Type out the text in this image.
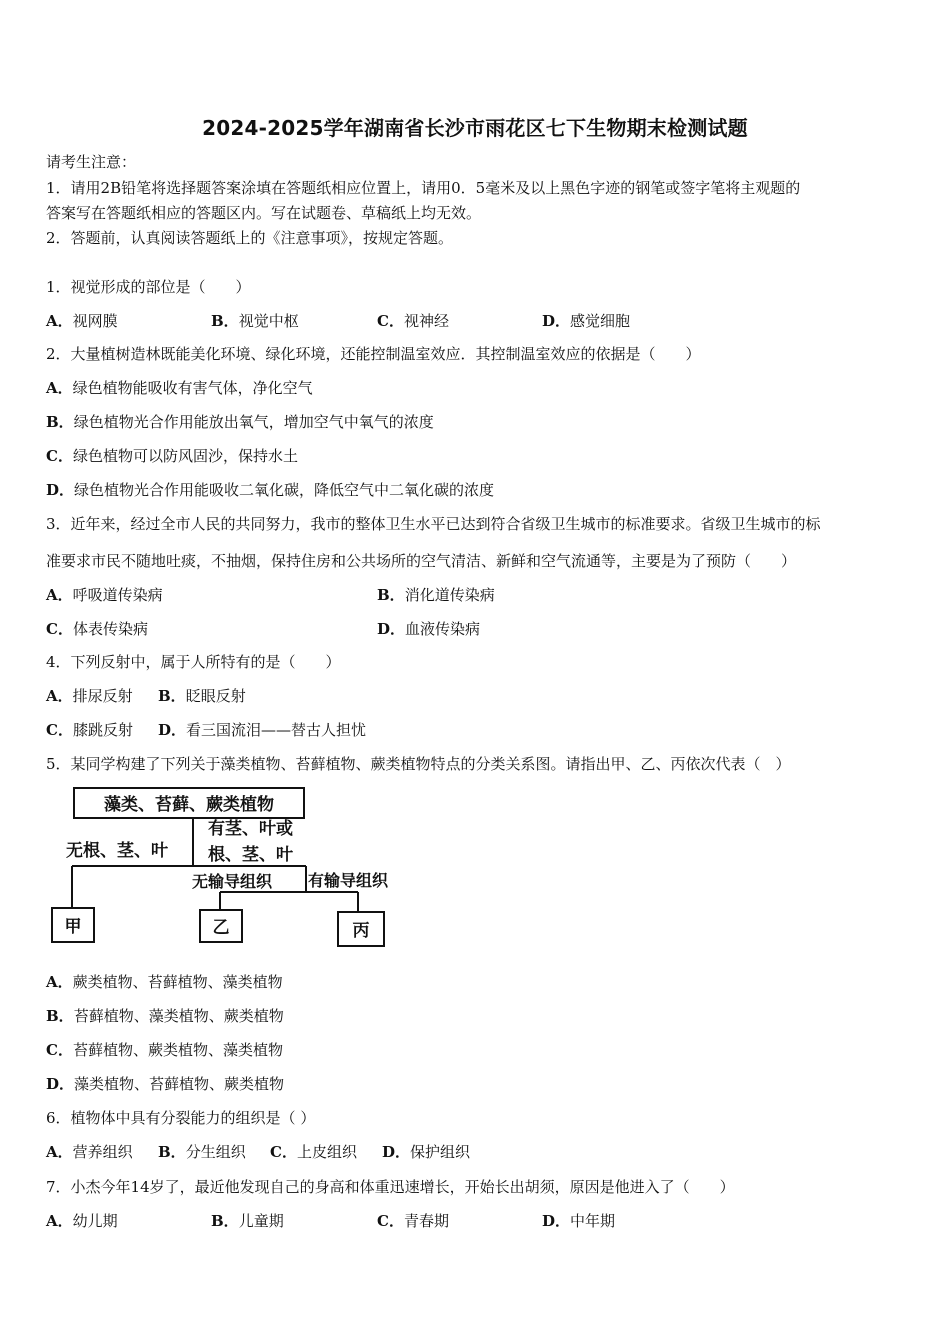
2024-2025学年湖南省长沙市雨花区七下生物期末检测试题
请考生注意：
1．请用2B铅笔将选择题答案涂填在答题纸相应位置上，请用0．5毫米及以上黑色字迹的钢笔或签字笔将主观题的
答案写在答题纸相应的答题区内。写在试题卷、草稿纸上均无效。
2．答题前，认真阅读答题纸上的《注意事项》，按规定答题。
1．视觉形成的部位是（　　）
A．视网膜	B．视觉中枢	C．视神经	D．感觉细胞
2．大量植树造林既能美化环境、绿化环境，还能控制温室效应．其控制温室效应的依据是（　　）
A．绿色植物能吸收有害气体，净化空气
B．绿色植物光合作用能放出氧气，增加空气中氧气的浓度
C．绿色植物可以防风固沙，保持水土
D．绿色植物光合作用能吸收二氧化碳，降低空气中二氧化碳的浓度
3．近年来，经过全市人民的共同努力，我市的整体卫生水平已达到符合省级卫生城市的标准要求。省级卫生城市的标
准要求市民不随地吐痰，不抽烟，保持住房和公共场所的空气清洁、新鲜和空气流通等，主要是为了预防（　　）
A．呼吸道传染病	B．消化道传染病
C．体表传染病	D．血液传染病
4．下列反射中，属于人所特有的是（　　）
A．排尿反射 B．眨眼反射
C．膝跳反射 D．看三国流泪——替古人担忧
5．某同学构建了下列关于藻类植物、苔藓植物、蕨类植物特点的分类关系图。请指出甲、乙、丙依次代表（　）
藻类、苔藓、蕨类植物
无根、茎、叶
有茎、叶或
根、茎、叶
无输导组织 有输导组织
甲	乙	丙
A．蕨类植物、苔藓植物、藻类植物
B．苔藓植物、藻类植物、蕨类植物
C．苔藓植物、蕨类植物、藻类植物
D．藻类植物、苔藓植物、蕨类植物
6．植物体中具有分裂能力的组织是（ ）
A．营养组织 B．分生组织 C．上皮组织 D．保护组织
7．小杰今年14岁了，最近他发现自己的身高和体重迅速增长，开始长出胡须，原因是他进入了（　　）
A．幼儿期	B．儿童期	C．青春期	D．中年期
